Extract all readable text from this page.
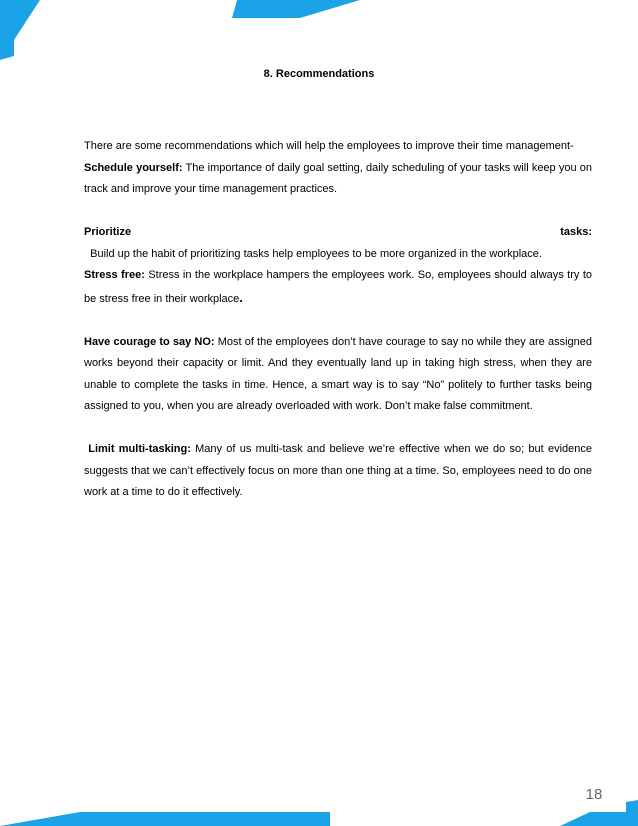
8. Recommendations

There are some recommendations which will help the employees to improve their time management-

Schedule yourself: The importance of daily goal setting, daily scheduling of your tasks will keep you on track and improve your time management practices.

Prioritize tasks:  Build up the habit of prioritizing tasks help employees to be more organized in the workplace.

Stress free: Stress in the workplace hampers the employees work. So, employees should always try to be stress free in their workplace.

Have courage to say NO: Most of the employees don’t have courage to say no while they are assigned works beyond their capacity or limit. And they eventually land up in taking high stress, when they are unable to complete the tasks in time. Hence, a smart way is to say “No” politely to further tasks being assigned to you, when you are already overloaded with work. Don’t make false commitment.

Limit multi-tasking: Many of us multi-task and believe we’re effective when we do so; but evidence suggests that we can’t effectively focus on more than one thing at a time. So, employees need to do one work at a time to do it effectively.

18
